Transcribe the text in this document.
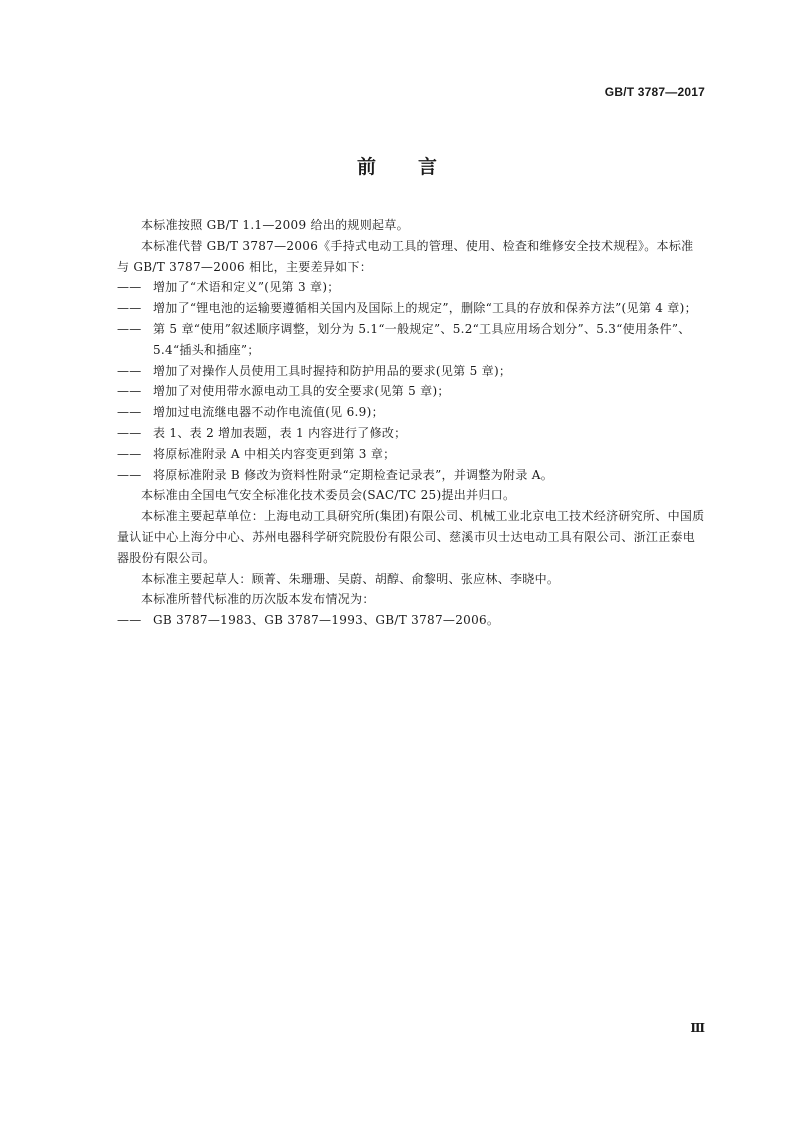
GB/T 3787—2017
前言
本标准按照 GB/T 1.1—2009 给出的规则起草。
本标准代替 GB/T 3787—2006《手持式电动工具的管理、使用、检查和维修安全技术规程》。本标准与 GB/T 3787—2006 相比，主要差异如下：
—— 增加了“术语和定义”(见第 3 章)；
—— 增加了“锂电池的运输要遵循相关国内及国际上的规定”，删除“工具的存放和保养方法”(见第 4 章)；
—— 第 5 章“使用”叙述顺序调整，划分为 5.1“一般规定”、5.2“工具应用场合划分”、5.3“使用条件”、5.4“插头和插座”；
—— 增加了对操作人员使用工具时握持和防护用品的要求(见第 5 章)；
—— 增加了对使用带水源电动工具的安全要求(见第 5 章)；
—— 增加过电流继电器不动作电流值(见 6.9)；
—— 表 1、表 2 增加表题，表 1 内容进行了修改；
—— 将原标准附录 A 中相关内容变更到第 3 章；
—— 将原标准附录 B 修改为资料性附录“定期检查记录表”，并调整为附录 A。
本标准由全国电气安全标准化技术委员会(SAC/TC 25)提出并归口。
本标准主要起草单位：上海电动工具研究所(集团)有限公司、机械工业北京电工技术经济研究所、中国质量认证中心上海分中心、苏州电器科学研究院股份有限公司、慈溪市贝士达电动工具有限公司、浙江正泰电器股份有限公司。
本标准主要起草人：顾菁、朱珊珊、吴蔚、胡醇、俞黎明、张应林、李晓中。
本标准所替代标准的历次版本发布情况为：
—— GB 3787—1983、GB 3787—1993、GB/T 3787—2006。
Ⅲ
